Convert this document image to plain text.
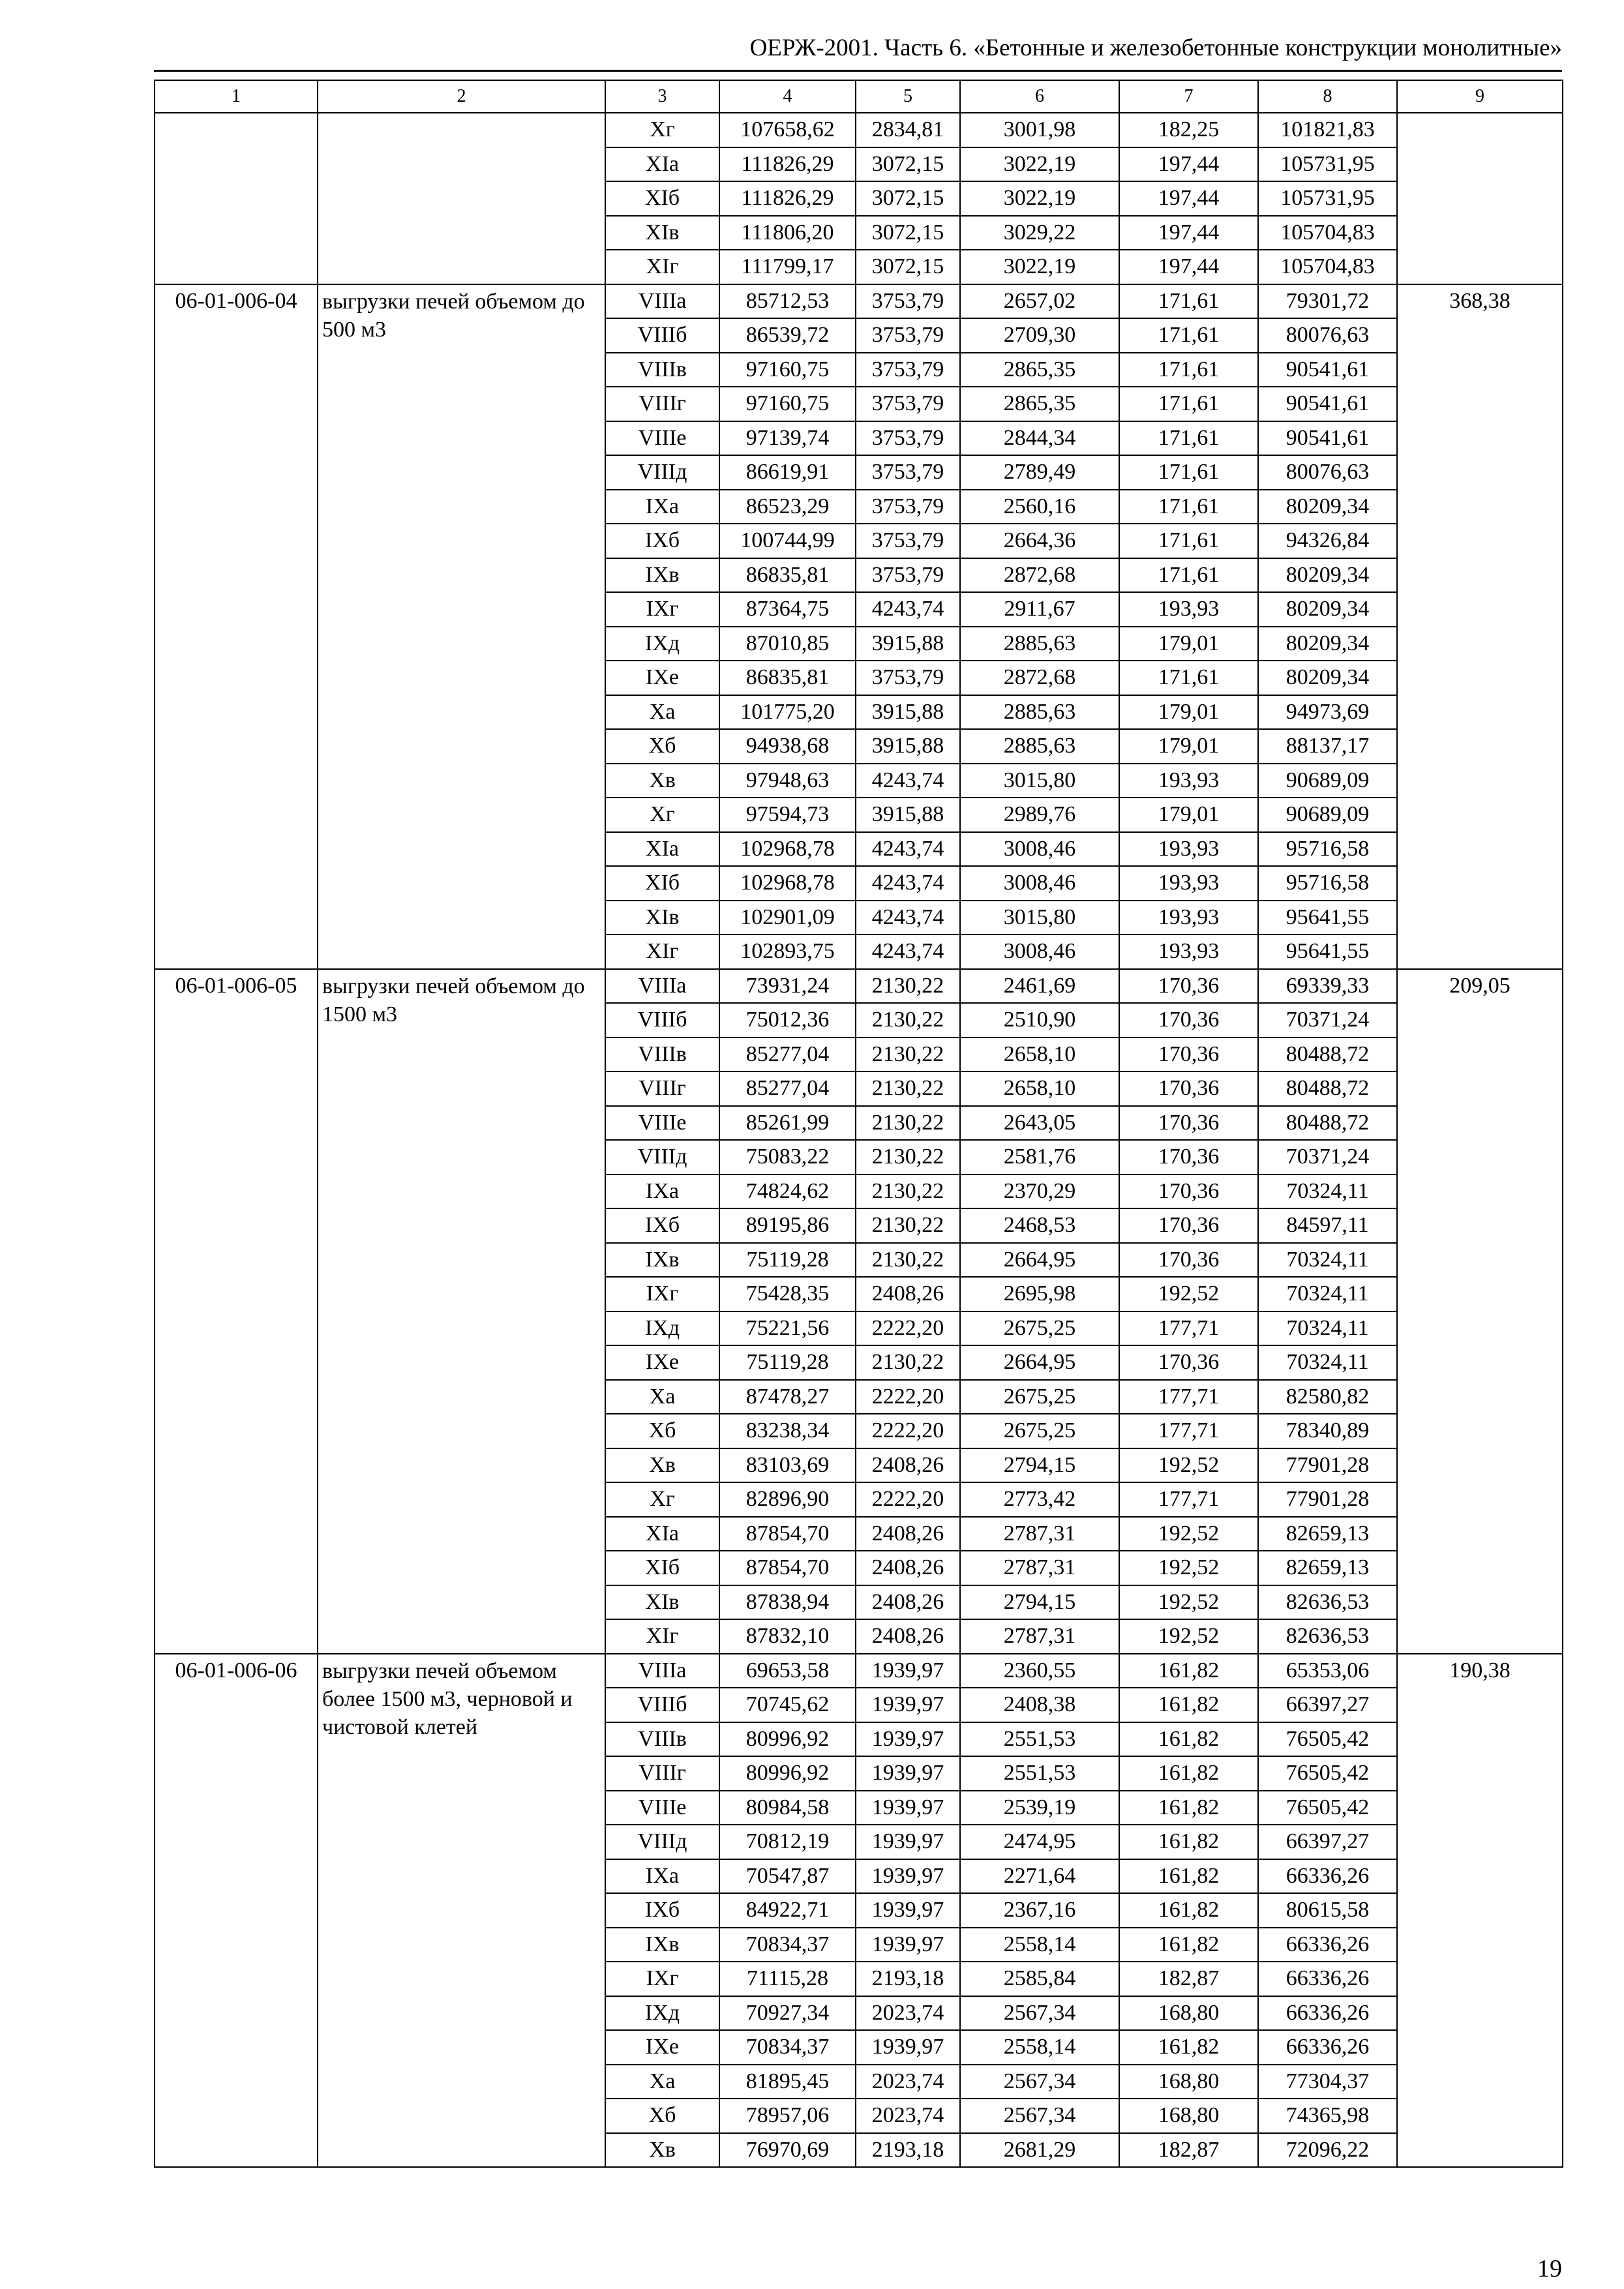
ОЕРЖ-2001. Часть 6. «Бетонные и железобетонные конструкции монолитные»
1	2	3	4	5	6	7	8	9
		Xг	107658,62	2834,81	3001,98	182,25	101821,83	
		XIа	111826,29	3072,15	3022,19	197,44	105731,95	
		XIб	111826,29	3072,15	3022,19	197,44	105731,95	
		XIв	111806,20	3072,15	3029,22	197,44	105704,83	
		XIг	111799,17	3072,15	3022,19	197,44	105704,83	
06-01-006-04	выгрузки печей объемом до 500 м3	VIIIа	85712,53	3753,79	2657,02	171,61	79301,72	368,38
		VIIIб	86539,72	3753,79	2709,30	171,61	80076,63	
		VIIIв	97160,75	3753,79	2865,35	171,61	90541,61	
		VIIIг	97160,75	3753,79	2865,35	171,61	90541,61	
		VIIIе	97139,74	3753,79	2844,34	171,61	90541,61	
		VIIIд	86619,91	3753,79	2789,49	171,61	80076,63	
		IXа	86523,29	3753,79	2560,16	171,61	80209,34	
		IXб	100744,99	3753,79	2664,36	171,61	94326,84	
		IXв	86835,81	3753,79	2872,68	171,61	80209,34	
		IXг	87364,75	4243,74	2911,67	193,93	80209,34	
		IXд	87010,85	3915,88	2885,63	179,01	80209,34	
		IXе	86835,81	3753,79	2872,68	171,61	80209,34	
		Xа	101775,20	3915,88	2885,63	179,01	94973,69	
		Xб	94938,68	3915,88	2885,63	179,01	88137,17	
		Xв	97948,63	4243,74	3015,80	193,93	90689,09	
		Xг	97594,73	3915,88	2989,76	179,01	90689,09	
		XIа	102968,78	4243,74	3008,46	193,93	95716,58	
		XIб	102968,78	4243,74	3008,46	193,93	95716,58	
		XIв	102901,09	4243,74	3015,80	193,93	95641,55	
		XIг	102893,75	4243,74	3008,46	193,93	95641,55	
06-01-006-05	выгрузки печей объемом до 1500 м3	VIIIа	73931,24	2130,22	2461,69	170,36	69339,33	209,05
		VIIIб	75012,36	2130,22	2510,90	170,36	70371,24	
		VIIIв	85277,04	2130,22	2658,10	170,36	80488,72	
		VIIIг	85277,04	2130,22	2658,10	170,36	80488,72	
		VIIIе	85261,99	2130,22	2643,05	170,36	80488,72	
		VIIIд	75083,22	2130,22	2581,76	170,36	70371,24	
		IXа	74824,62	2130,22	2370,29	170,36	70324,11	
		IXб	89195,86	2130,22	2468,53	170,36	84597,11	
		IXв	75119,28	2130,22	2664,95	170,36	70324,11	
		IXг	75428,35	2408,26	2695,98	192,52	70324,11	
		IXд	75221,56	2222,20	2675,25	177,71	70324,11	
		IXе	75119,28	2130,22	2664,95	170,36	70324,11	
		Xа	87478,27	2222,20	2675,25	177,71	82580,82	
		Xб	83238,34	2222,20	2675,25	177,71	78340,89	
		Xв	83103,69	2408,26	2794,15	192,52	77901,28	
		Xг	82896,90	2222,20	2773,42	177,71	77901,28	
		XIа	87854,70	2408,26	2787,31	192,52	82659,13	
		XIб	87854,70	2408,26	2787,31	192,52	82659,13	
		XIв	87838,94	2408,26	2794,15	192,52	82636,53	
		XIг	87832,10	2408,26	2787,31	192,52	82636,53	
06-01-006-06	выгрузки печей объемом более 1500 м3, черновой и чистовой клетей	VIIIа	69653,58	1939,97	2360,55	161,82	65353,06	190,38
		VIIIб	70745,62	1939,97	2408,38	161,82	66397,27	
		VIIIв	80996,92	1939,97	2551,53	161,82	76505,42	
		VIIIг	80996,92	1939,97	2551,53	161,82	76505,42	
		VIIIе	80984,58	1939,97	2539,19	161,82	76505,42	
		VIIIд	70812,19	1939,97	2474,95	161,82	66397,27	
		IXа	70547,87	1939,97	2271,64	161,82	66336,26	
		IXб	84922,71	1939,97	2367,16	161,82	80615,58	
		IXв	70834,37	1939,97	2558,14	161,82	66336,26	
		IXг	71115,28	2193,18	2585,84	182,87	66336,26	
		IXд	70927,34	2023,74	2567,34	168,80	66336,26	
		IXе	70834,37	1939,97	2558,14	161,82	66336,26	
		Xа	81895,45	2023,74	2567,34	168,80	77304,37	
		Xб	78957,06	2023,74	2567,34	168,80	74365,98	
		Xв	76970,69	2193,18	2681,29	182,87	72096,22	
19
